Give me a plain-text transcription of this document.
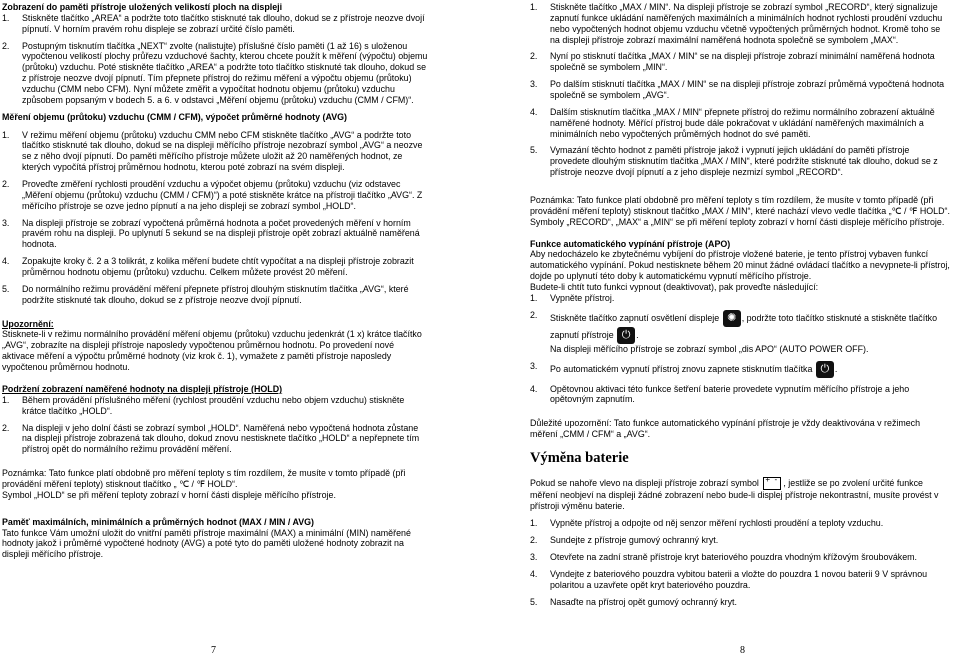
Zobrazení do paměti přístroje uložených velikostí ploch na displeji

1. Stiskněte tlačítko „AREA“ a podržte toto tlačítko stisknuté tak dlouho, dokud se z přístroje neozve dvojí pípnutí. V horním pravém rohu displeje se zobrazí určité číslo paměti.
2. Postupným tisknutím tlačítka „NEXT“ zvolte (nalistujte) příslušné číslo paměti (1 až 16) s uloženou vypočtenou velikostí plochy průřezu vzduchové šachty, kterou chcete použít k měření (výpočtu) objemu (průtoku) vzduchu. Poté stiskněte tlačítko „AREA“ a podržte toto tlačítko stisknuté tak dlouho, dokud se z přístroje neozve dvojí pípnutí. Tím přepnete přístroj do režimu měření a výpočtu objemu (průtoku) vzduchu (CMM nebo CFM). Nyní můžete změřit a vypočítat hodnotu objemu (průtoku) vzduchu způsobem popsaným v bodech 5. a 6. v odstavci „Měření objemu (průtoku) vzduchu (CMM / CFM)“.

Měření objemu (průtoku) vzduchu (CMM / CFM), výpočet průměrné hodnoty (AVG)

1. V režimu měření objemu (průtoku) vzduchu CMM nebo CFM stiskněte tlačítko „AVG“ a podržte toto tlačítko stisknuté tak dlouho, dokud se na displeji měřícího přístroje nezobrazí symbol „AVG“ a neozve se z něho dvojí pípnutí. Do paměti měřícího přístroje můžete uložit až 20 naměřených hodnot, ze kterých vypočítá přístroj průměrnou hodnotu, kterou poté zobrazí na svém displeji.
2. Proveďte změření rychlosti proudění vzduchu a výpočet objemu (průtoku) vzduchu (viz odstavec „Měření objemu (průtoku) vzduchu (CMM / CFM)“) a poté stiskněte krátce na přístroji tlačítko „AVG“. Z měřícího přístroje se ozve jedno pípnutí a na jeho displeji se zobrazí symbol „HOLD“.
3. Na displeji přístroje se zobrazí vypočtená průměrná hodnota a počet provedených měření v horním pravém rohu na displeji. Po uplynutí 5 sekund se na displeji přístroje opět zobrazí aktuálně naměřená hodnota.
4. Zopakujte kroky č. 2 a 3 tolikrát, z kolika měření budete chtít vypočítat a na displeji přístroje zobrazit průměrnou hodnotu objemu (průtoku) vzduchu. Celkem můžete provést 20 měření.
5. Do normálního režimu provádění měření přepnete přístroj dlouhým stisknutím tlačítka „AVG“, které podržíte stisknuté tak dlouho, dokud se z přístroje neozve dvojí pípnutí.

Upozornění:

Stisknete-li v režimu normálního provádění měření objemu (průtoku) vzduchu jedenkrát (1 x) krátce tlačítko „AVG“, zobrazíte na displeji přístroje naposledy vypočtenou průměrnou hodnotu. Po provedení nové aktivace měření a výpočtu průměrné hodnoty (viz krok č. 1), vymažete z paměti přístroje naposledy vypočtenou průměrnou hodnotu.

Podržení zobrazení naměřené hodnoty na displeji přístroje (HOLD)

1. Během provádění příslušného měření (rychlost proudění vzduchu nebo objem vzduchu) stiskněte krátce tlačítko „HOLD“.
2. Na displeji v jeho dolní části se zobrazí symbol „HOLD“. Naměřená nebo vypočtená hodnota zůstane na displeji přístroje zobrazená tak dlouho, dokud znovu nestisknete tlačítko „HOLD“ a nepřepnete tím přístroj opět do normálního režimu provádění měření.

Poznámka: Tato funkce platí obdobně pro měření teploty s tím rozdílem, že musíte v tomto případě (při provádění měření teploty) stisknout tlačítko „ ℃ / ℉ HOLD“.

Symbol „HOLD“ se při měření teploty zobrazí v horní části displeje měřícího přístroje.

Paměť maximálních, minimálních a průměrných hodnot (MAX / MIN / AVG)

Tato funkce Vám umožní uložit do vnitřní paměti přístroje maximální (MAX) a minimální (MIN) naměřené hodnoty jakož i průměrné vypočtené hodnoty (AVG) a poté tyto do paměti uložené hodnoty zobrazit na displeji měřícího přístroje.

1. Stiskněte tlačítko „MAX / MIN“. Na displeji přístroje se zobrazí symbol „RECORD“, který signalizuje zapnutí funkce ukládání naměřených maximálních a minimálních hodnot rychlosti proudění vzduchu nebo vypočtených hodnot objemu vzduchu včetně vypočtených průměrných hodnot. Kromě toho se na displeji přístroje zobrazí maximální naměřená hodnota společně se symbolem „MAX“.
2. Nyní po stisknutí tlačítka „MAX / MIN“ se na displeji přístroje zobrazí minimální naměřená hodnota společně se symbolem „MIN“.
3. Po dalším stisknutí tlačítka „MAX / MIN“ se na displeji přístroje zobrazí průměrná vypočtená hodnota společně se symbolem „AVG“.
4. Dalším stisknutím tlačítka „MAX / MIN“ přepnete přístroj do režimu normálního zobrazení aktuálně naměřené hodnoty. Měřící přístroj bude dále pokračovat v ukládání naměřených maximálních a minimálních nebo vypočtených průměrných hodnot do své paměti.
5. Vymazání těchto hodnot z paměti přístroje jakož i vypnutí jejich ukládání do paměti přístroje provedete dlouhým stisknutím tlačítka „MAX / MIN“, které podržíte stisknuté tak dlouho, dokud se z přístroje neozve dvojí pípnutí a z jeho displeje nezmizí symbol „RECORD“.

Poznámka: Tato funkce platí obdobně pro měření teploty s tím rozdílem, že musíte v tomto případě (při provádění měření teploty) stisknout tlačítko „MAX / MIN“, které nachází vlevo vedle tlačítka „℃ / ℉ HOLD“. Symboly „RECORD“, „MAX“ a „MIN“ se při měření teploty zobrazí v horní části displeje měřícího přístroje.

Funkce automatického vypínání přístroje (APO)

Aby nedocházelo ke zbytečnému vybíjení do přístroje vložené baterie, je tento přístroj vybaven funkcí automatického vypínání. Pokud nestisknete během 20 minut žádné ovládací tlačítko a nevypnete-li přístroj, dojde po uplynutí této doby k automatickému vypnutí měřícího přístroje.

Budete-li chtít tuto funkci vypnout (deaktivovat), pak proveďte následující:

1. Vypněte přístroj.
2. Stiskněte tlačítko zapnutí osvětlení displeje ✺ , podržte toto tlačítko stisknuté a stiskněte tlačítko zapnutí přístroje ⏻ .
Na displeji měřícího přístroje se zobrazí symbol „dis APO“ (AUTO POWER OFF).
3. Po automatickém vypnutí přístroj znovu zapnete stisknutím tlačítka ⏻ .
4. Opětovnou aktivaci této funkce šetření baterie provedete vypnutím měřícího přístroje a jeho opětovným zapnutím.

Důležité upozornění: Tato funkce automatického vypínání přístroje je vždy deaktivována v režimech měření „CMM / CFM“ a „AVG“.

Výměna baterie

Pokud se nahoře vlevo na displeji přístroje zobrazí symbol + -	, jestliže se po zvolení určité funkce měření neobjeví na displeji žádné zobrazení nebo bude-li displej přístroje nekontrastní, musíte provést v přístroji výměnu baterie.

1. Vypněte přístroj a odpojte od něj senzor měření rychlosti proudění a teploty vzduchu.
2. Sundejte z přístroje gumový ochranný kryt.
3. Otevřete na zadní straně přístroje kryt bateriového pouzdra vhodným křížovým šroubovákem.
4. Vyndejte z bateriového pouzdra vybitou baterii a vložte do pouzdra 1 novou baterii 9 V správnou polaritou a uzavřete opět kryt bateriového pouzdra.
5. Nasaďte na přístroj opět gumový ochranný kryt.
7	8
